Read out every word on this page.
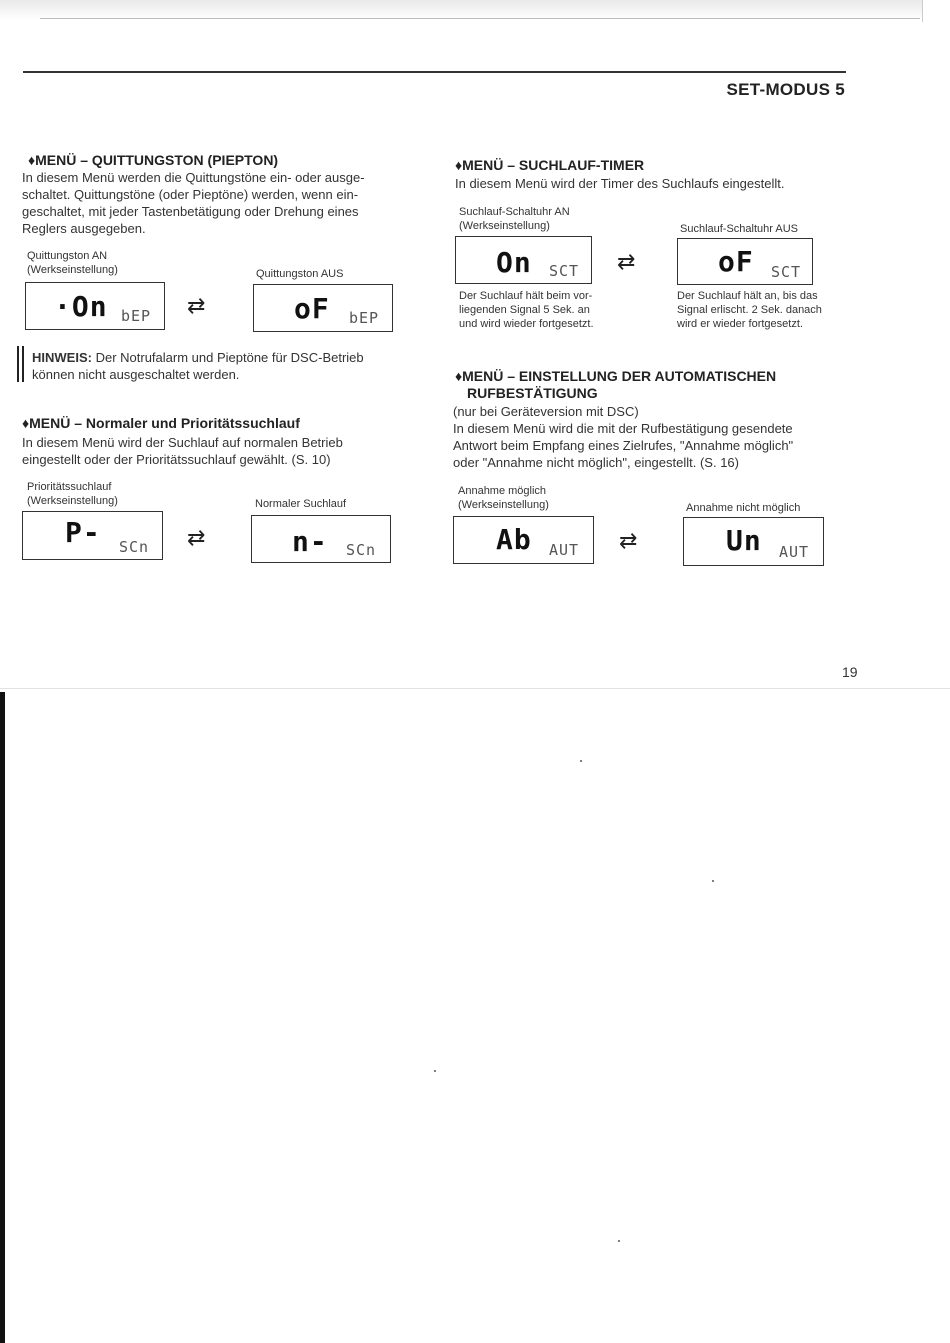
SET-MODUS 5
♦MENÜ – QUITTUNGSTON (PIEPTON)
In diesem Menü werden die Quittungstöne ein- oder ausge-
schaltet. Quittungstöne (oder Pieptöne) werden, wenn ein-
geschaltet, mit jeder Tastenbetätigung oder Drehung eines
Reglers ausgegeben.
Quittungston AN
(Werkseinstellung)	Quittungston AUS
·On bEP ⇄	oF bEP
HINWEIS: Der Notrufalarm und Pieptöne für DSC-Betrieb
können nicht ausgeschaltet werden.
♦MENÜ – Normaler und Prioritätssuchlauf
In diesem Menü wird der Suchlauf auf normalen Betrieb
eingestellt oder der Prioritätssuchlauf gewählt. (S. 10)
Prioritätssuchlauf
(Werkseinstellung)	Normaler Suchlauf
P- SCn ⇄	n- SCn
♦MENÜ – SUCHLAUF-TIMER
In diesem Menü wird der Timer des Suchlaufs eingestellt.
Suchlauf-Schaltuhr AN
(Werkseinstellung)	Suchlauf-Schaltuhr AUS
On SCT ⇄	oF SCT
Der Suchlauf hält beim vor-
liegenden Signal 5 Sek. an
und wird wieder fortgesetzt.
Der Suchlauf hält an, bis das
Signal erlischt. 2 Sek. danach
wird er wieder fortgesetzt.
♦MENÜ – EINSTELLUNG DER AUTOMATISCHEN
RUFBESTÄTIGUNG
(nur bei Geräteversion mit DSC)
In diesem Menü wird die mit der Rufbestätigung gesendete
Antwort beim Empfang eines Zielrufes, "Annahme möglich"
oder "Annahme nicht möglich", eingestellt. (S. 16)
Annahme möglich
(Werkseinstellung)	Annahme nicht möglich
Ab AUT ⇄	Un AUT
19
